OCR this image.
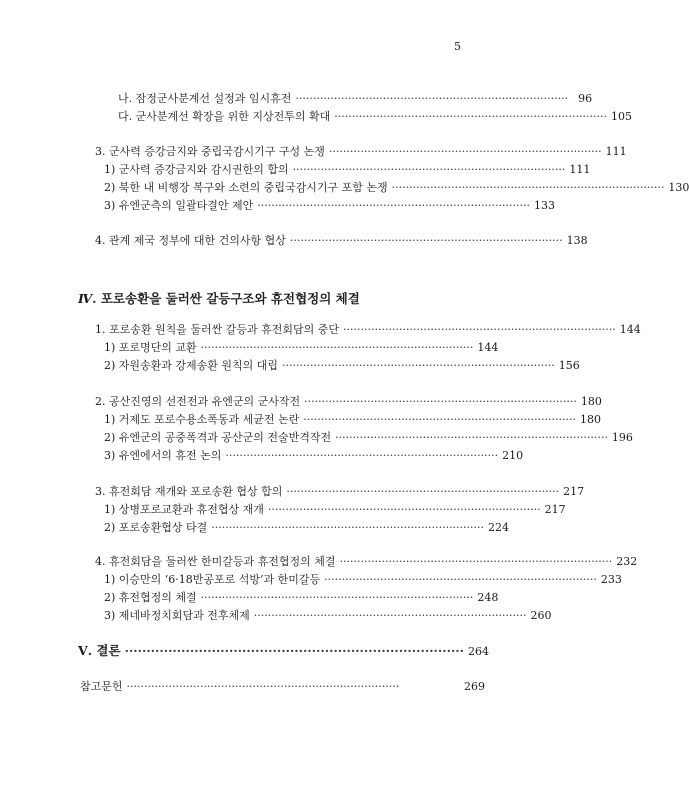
5
나. 잠정군사분계선 설정과 임시휴전 ·············································································· 96
다. 군사분계선 확장을 위한 지상전투의 확대 ·············································································· 105
3. 군사력 증강금지와 중립국감시기구 구성 논쟁 ·············································································· 111
1) 군사력 증강금지와 감시권한의 합의 ·············································································· 111
2) 북한 내 비행장 복구와 소련의 중립국감시기구 포함 논쟁 ·············································································· 130
3) 유엔군측의 일괄타결안 제안 ·············································································· 133
4. 관계 제국 정부에 대한 건의사항 협상 ·············································································· 138
Ⅳ. 포로송환을 둘러싼 갈등구조와 휴전협정의 체결
1. 포로송환 원칙을 둘러싼 갈등과 휴전회담의 중단 ·············································································· 144
1) 포로명단의 교환 ·············································································· 144
2) 자원송환과 강제송환 원칙의 대립 ·············································································· 156
2. 공산진영의 선전전과 유엔군의 군사작전 ·············································································· 180
1) 거제도 포로수용소폭동과 세균전 논란 ·············································································· 180
2) 유엔군의 공중폭격과 공산군의 전술반격작전 ·············································································· 196
3) 유엔에서의 휴전 논의 ·············································································· 210
3. 휴전회담 재개와 포로송환 협상 합의 ·············································································· 217
1) 상병포로교환과 휴전협상 재개 ·············································································· 217
2) 포로송환협상 타결 ·············································································· 224
4. 휴전회담을 둘러싼 한미갈등과 휴전협정의 체결 ·············································································· 232
1) 이승만의 ‘6·18반공포로 석방’과 한미갈등 ·············································································· 233
2) 휴전협정의 체결 ·············································································· 248
3) 제네바정치회담과 전후체제 ·············································································· 260
Ⅴ. 결론 ·············································································· 264
참고문헌 ··············································································	269
